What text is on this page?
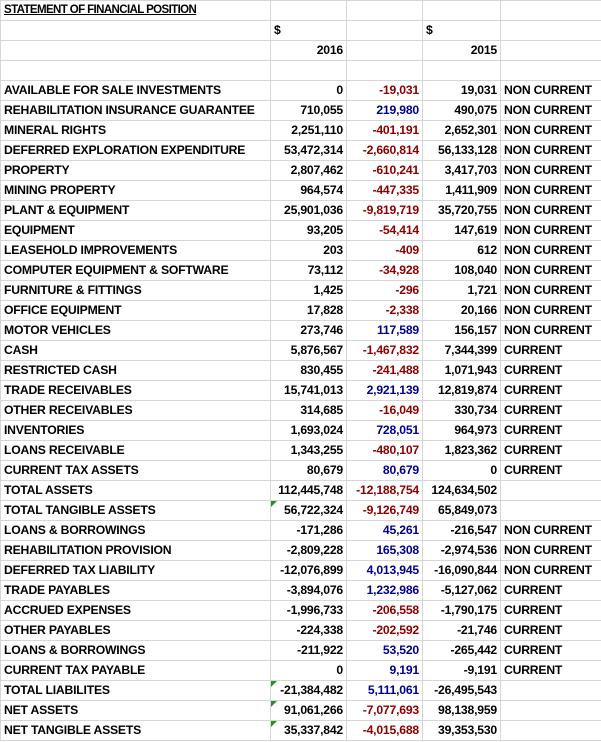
STATEMENT OF FINANCIAL POSITION				
	$		$	
	2016		2015	

AVAILABLE FOR SALE INVESTMENTS	0	-19,031	19,031	NON CURRENT
REHABILITATION INSURANCE GUARANTEE	710,055	219,980	490,075	NON CURRENT
MINERAL RIGHTS	2,251,110	-401,191	2,652,301	NON CURRENT
DEFERRED EXPLORATION EXPENDITURE	53,472,314	-2,660,814	56,133,128	NON CURRENT
PROPERTY	2,807,462	-610,241	3,417,703	NON CURRENT
MINING PROPERTY	964,574	-447,335	1,411,909	NON CURRENT
PLANT & EQUIPMENT	25,901,036	-9,819,719	35,720,755	NON CURRENT
EQUIPMENT	93,205	-54,414	147,619	NON CURRENT
LEASEHOLD IMPROVEMENTS	203	-409	612	NON CURRENT
COMPUTER EQUIPMENT & SOFTWARE	73,112	-34,928	108,040	NON CURRENT
FURNITURE & FITTINGS	1,425	-296	1,721	NON CURRENT
OFFICE EQUIPMENT	17,828	-2,338	20,166	NON CURRENT
MOTOR VEHICLES	273,746	117,589	156,157	NON CURRENT
CASH	5,876,567	-1,467,832	7,344,399	CURRENT
RESTRICTED CASH	830,455	-241,488	1,071,943	CURRENT
TRADE RECEIVABLES	15,741,013	2,921,139	12,819,874	CURRENT
OTHER RECEIVABLES	314,685	-16,049	330,734	CURRENT
INVENTORIES	1,693,024	728,051	964,973	CURRENT
LOANS RECEIVABLE	1,343,255	-480,107	1,823,362	CURRENT
CURRENT TAX ASSETS	80,679	80,679	0	CURRENT
TOTAL ASSETS	112,445,748	-12,188,754	124,634,502	
TOTAL TANGIBLE ASSETS	56,722,324	-9,126,749	65,849,073	
LOANS & BORROWINGS	-171,286	45,261	-216,547	NON CURRENT
REHABILITATION PROVISION	-2,809,228	165,308	-2,974,536	NON CURRENT
DEFERRED TAX LIABILITY	-12,076,899	4,013,945	-16,090,844	NON CURRENT
TRADE PAYABLES	-3,894,076	1,232,986	-5,127,062	CURRENT
ACCRUED EXPENSES	-1,996,733	-206,558	-1,790,175	CURRENT
OTHER PAYABLES	-224,338	-202,592	-21,746	CURRENT
LOANS & BORROWINGS	-211,922	53,520	-265,442	CURRENT
CURRENT TAX PAYABLE	0	9,191	-9,191	CURRENT
TOTAL LIABILITES	-21,384,482	5,111,061	-26,495,543	
NET ASSETS	91,061,266	-7,077,693	98,138,959	
NET TANGIBLE ASSETS	35,337,842	-4,015,688	39,353,530	
